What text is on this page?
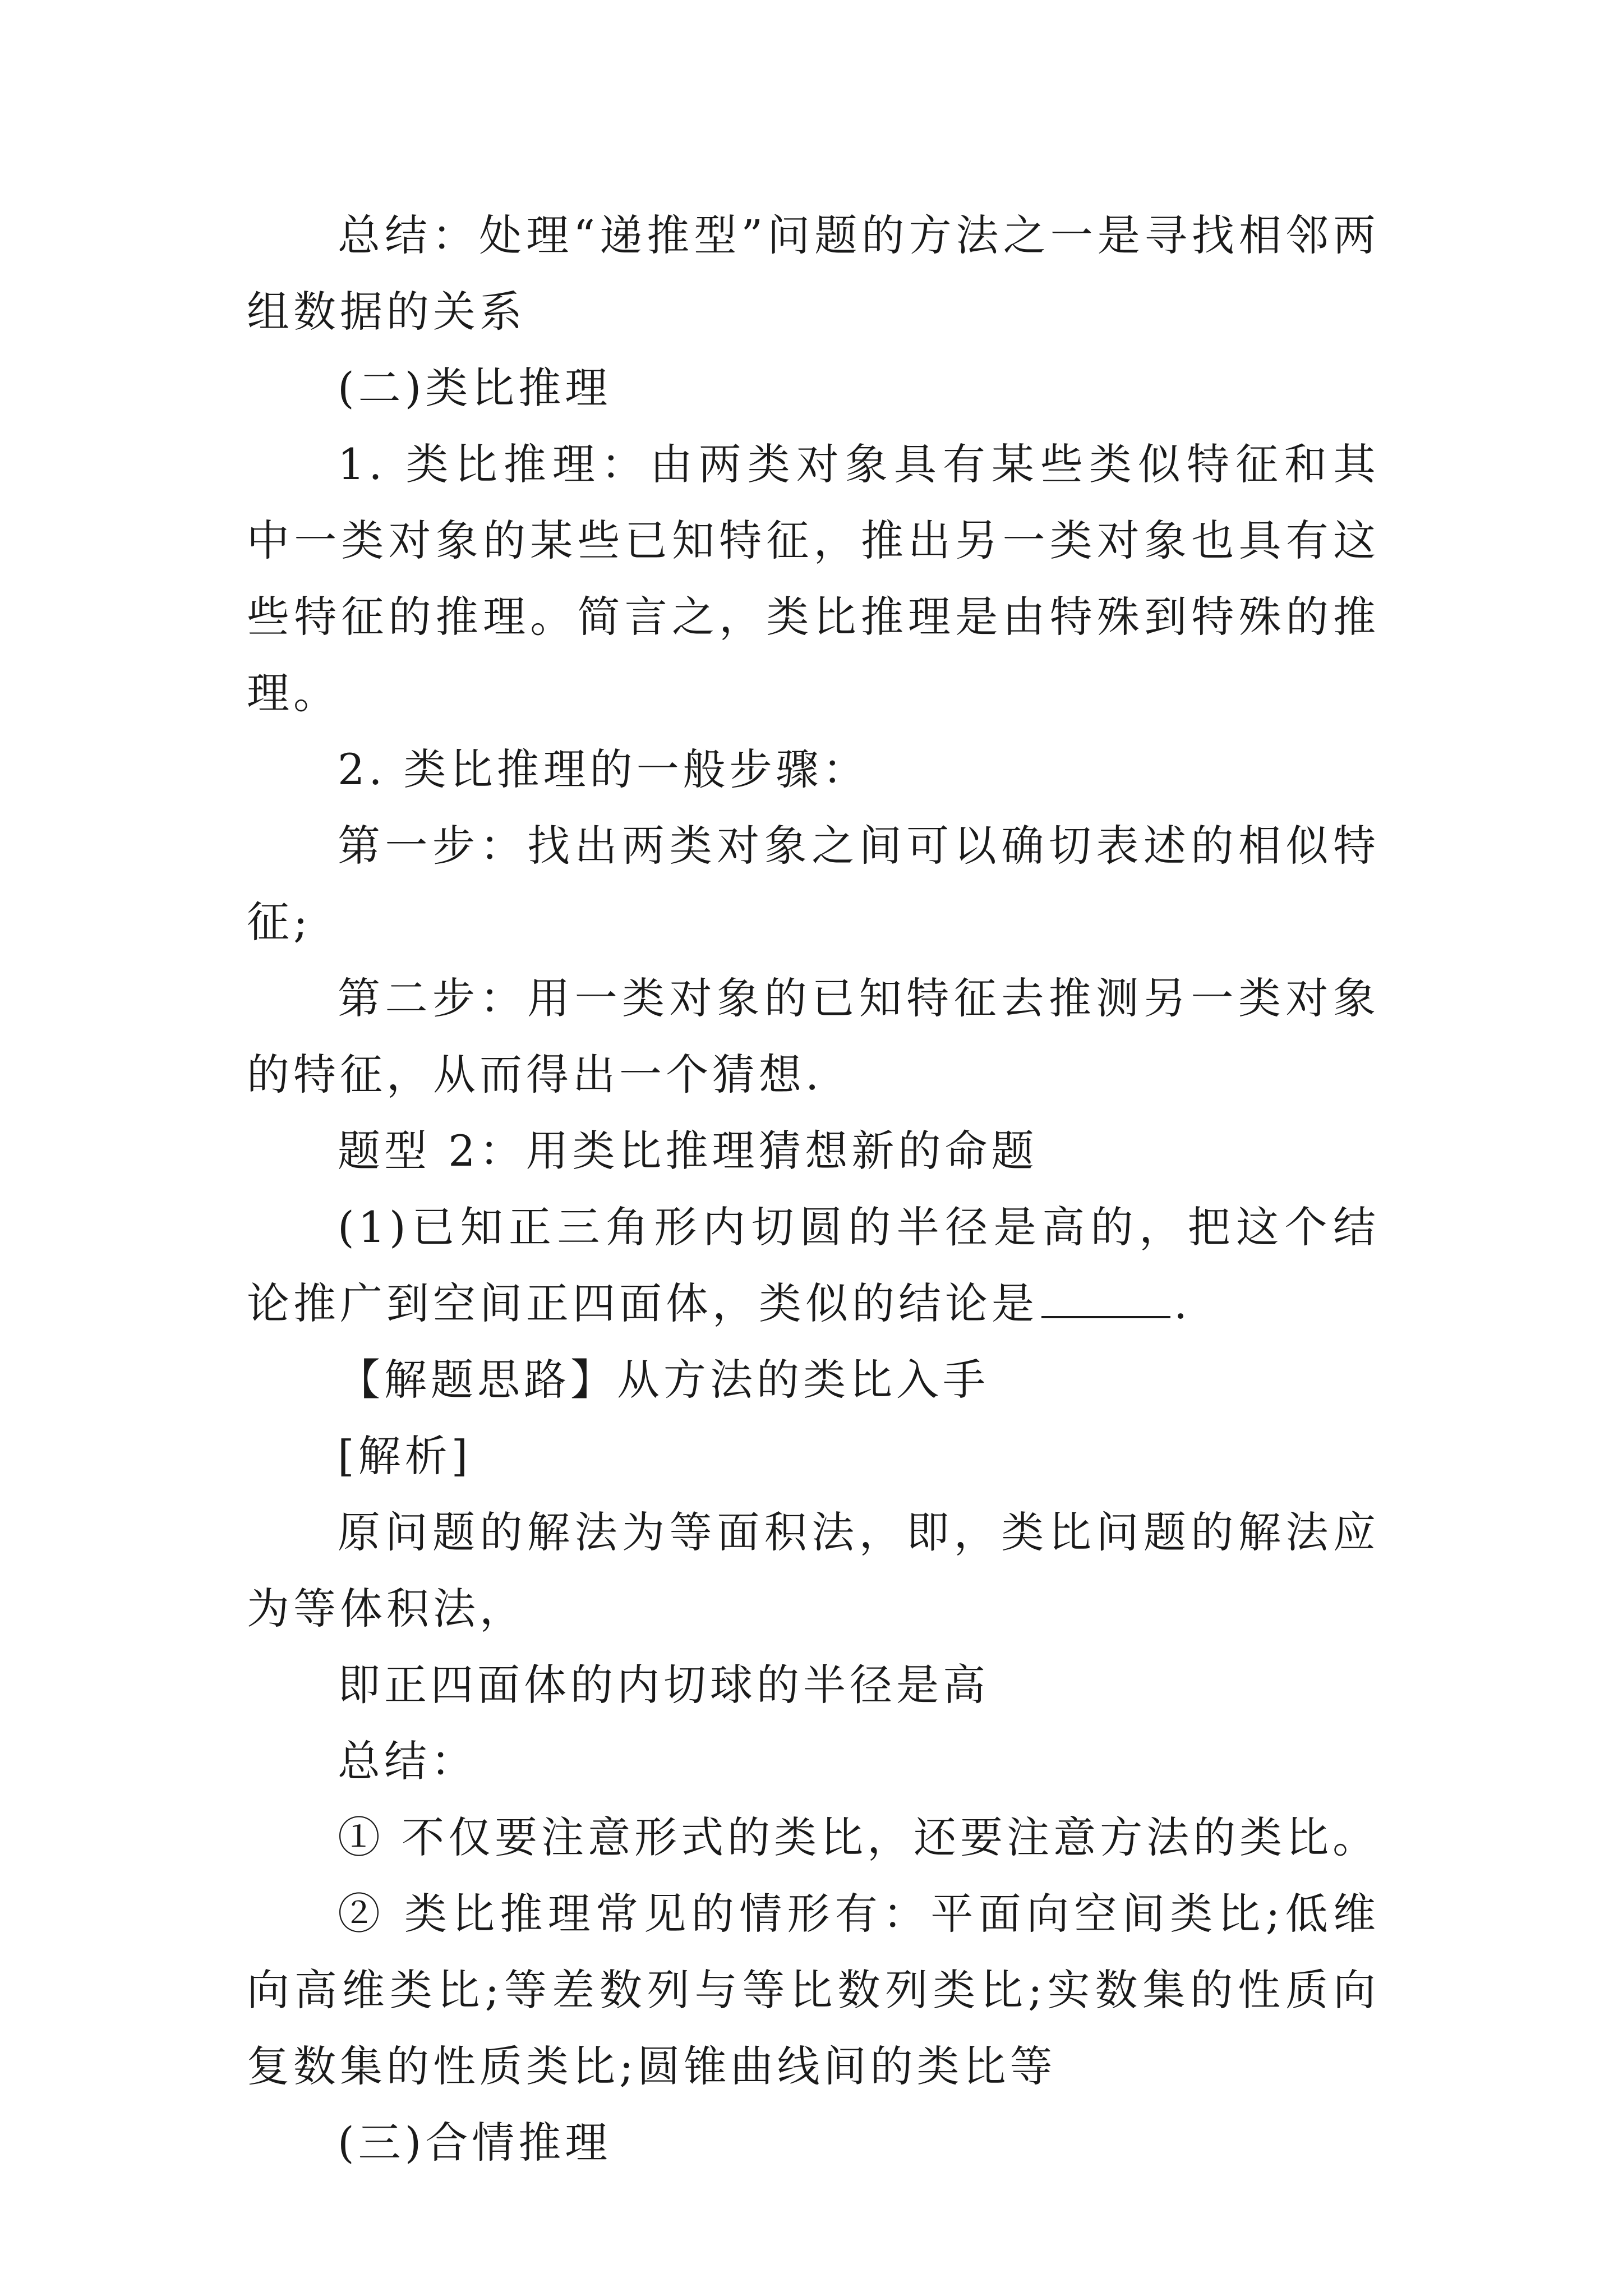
总结：处理“递推型”问题的方法之一是寻找相邻两组数据的关系

(二)类比推理

1. 类比推理：由两类对象具有某些类似特征和其中一类对象的某些已知特征，推出另一类对象也具有这些特征的推理。简言之，类比推理是由特殊到特殊的推理。

2. 类比推理的一般步骤：

第一步：找出两类对象之间可以确切表述的相似特征;

第二步：用一类对象的已知特征去推测另一类对象的特征，从而得出一个猜想.

题型 2：用类比推理猜想新的命题

(1)已知正三角形内切圆的半径是高的，把这个结论推广到空间正四面体，类似的结论是	.

【解题思路】从方法的类比入手

[解析]

原问题的解法为等面积法，即，类比问题的解法应为等体积法，

即正四面体的内切球的半径是高

总结：

① 不仅要注意形式的类比，还要注意方法的类比。

② 类比推理常见的情形有：平面向空间类比;低维向高维类比;等差数列与等比数列类比;实数集的性质向复数集的性质类比;圆锥曲线间的类比等

(三)合情推理
